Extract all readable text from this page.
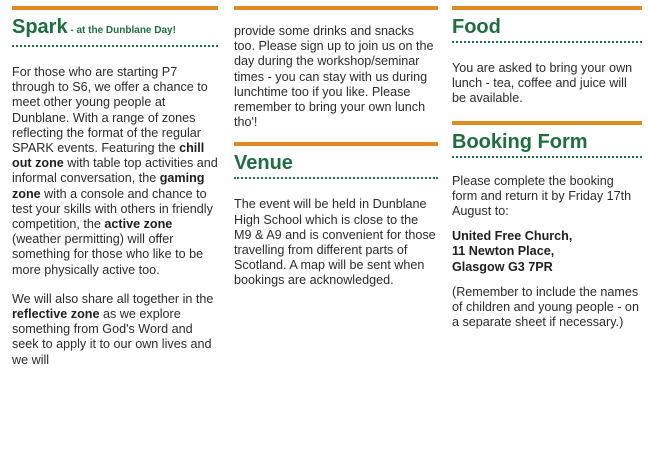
Spark - at the Dunblane Day!

For those who are starting P7 through to S6, we offer a chance to meet other young people at Dunblane. With a range of zones reflecting the format of the regular SPARK events. Featuring the chill out zone with table top activities and informal conversation, the gaming zone with a console and chance to test your skills with others in friendly competition, the active zone (weather permitting) will offer something for those who like to be more physically active too.

We will also share all together in the reflective zone as we explore something from God's Word and seek to apply it to our own lives and we will

provide some drinks and snacks too. Please sign up to join us on the day during the workshop/seminar times - you can stay with us during lunchtime too if you like. Please remember to bring your own lunch tho'!

Venue

The event will be held in Dunblane High School which is close to the M9 & A9 and is convenient for those travelling from different parts of Scotland. A map will be sent when bookings are acknowledged.

Food

You are asked to bring your own lunch - tea, coffee and juice will be available.

Booking Form

Please complete the booking form and return it by Friday 17th August to:

United Free Church,
11 Newton Place,
Glasgow G3 7PR

(Remember to include the names of children and young people - on a separate sheet if necessary.)
